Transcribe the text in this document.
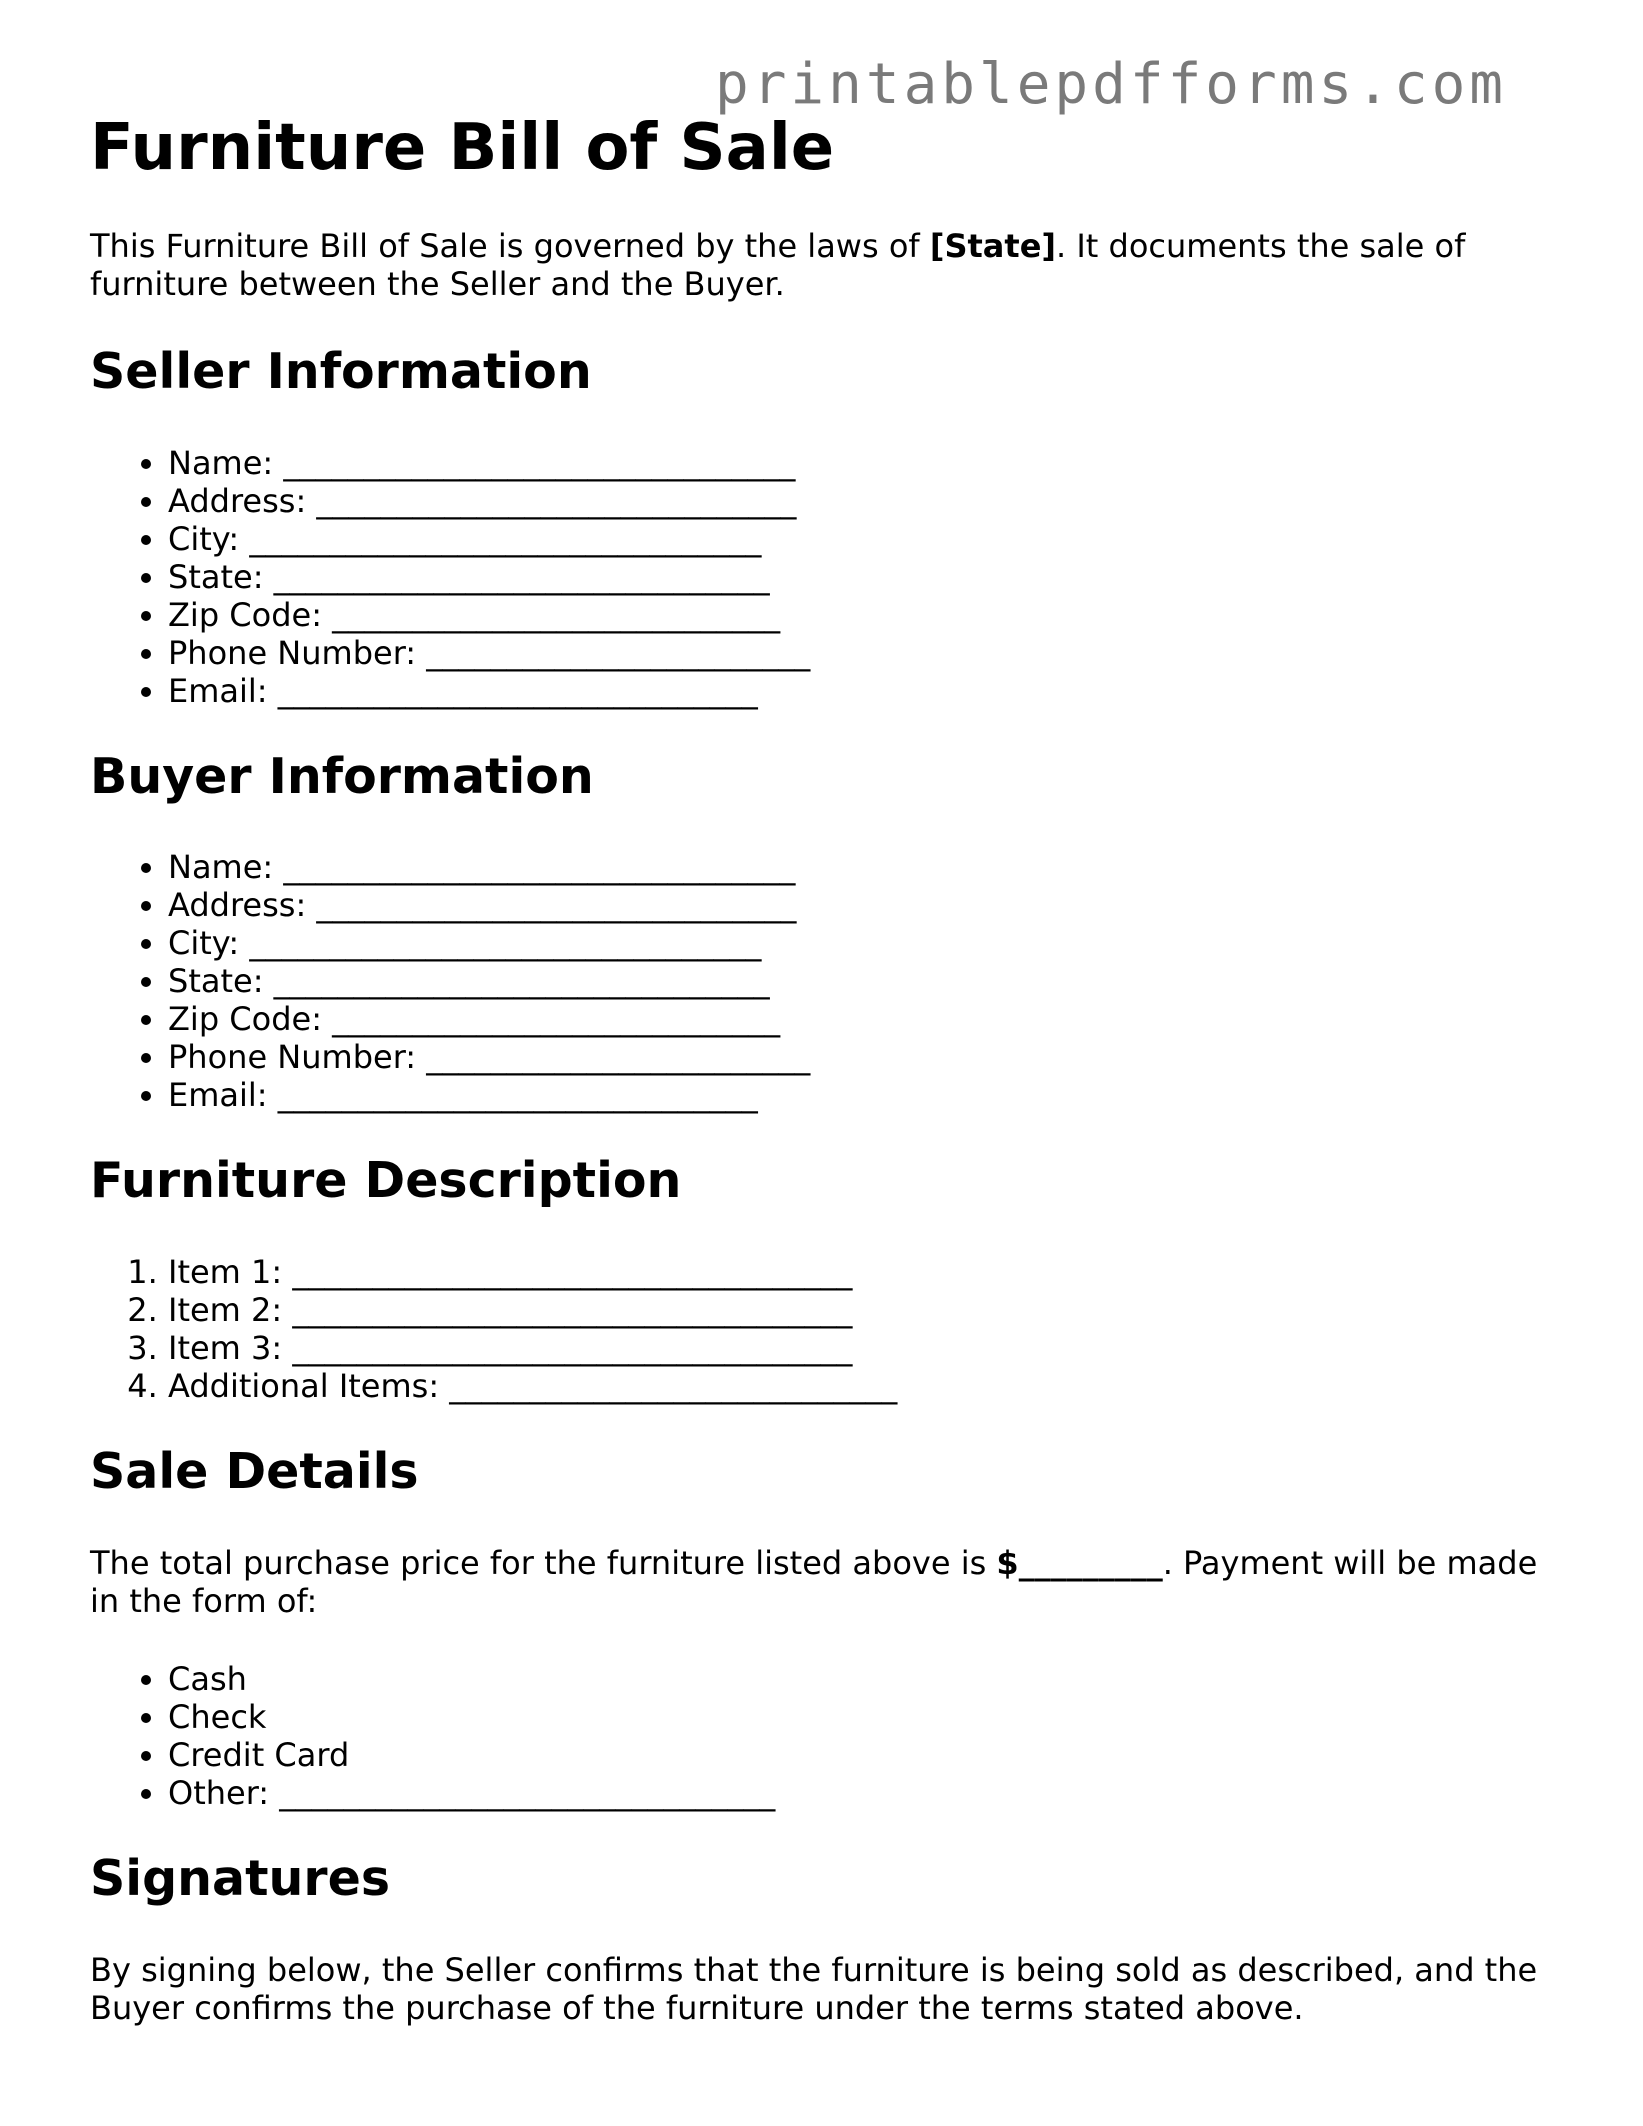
printablepdfforms.com
Furniture Bill of Sale

This Furniture Bill of Sale is governed by the laws of [State]. It documents the sale of furniture between the Seller and the Buyer.

Seller Information
• Name: ________________________________
• Address: ______________________________
• City: ________________________________
• State: _______________________________
• Zip Code: ____________________________
• Phone Number: ________________________
• Email: ______________________________
Buyer Information
• Name: ________________________________
• Address: ______________________________
• City: ________________________________
• State: _______________________________
• Zip Code: ____________________________
• Phone Number: ________________________
• Email: ______________________________
Furniture Description
1. Item 1: ___________________________________
2. Item 2: ___________________________________
3. Item 3: ___________________________________
4. Additional Items: ____________________________
Sale Details

The total purchase price for the furniture listed above is $_________. Payment will be made in the form of:

• Cash
• Check
• Credit Card
• Other: _______________________________
Signatures

By signing below, the Seller confirms that the furniture is being sold as described, and the Buyer confirms the purchase of the furniture under the terms stated above.
